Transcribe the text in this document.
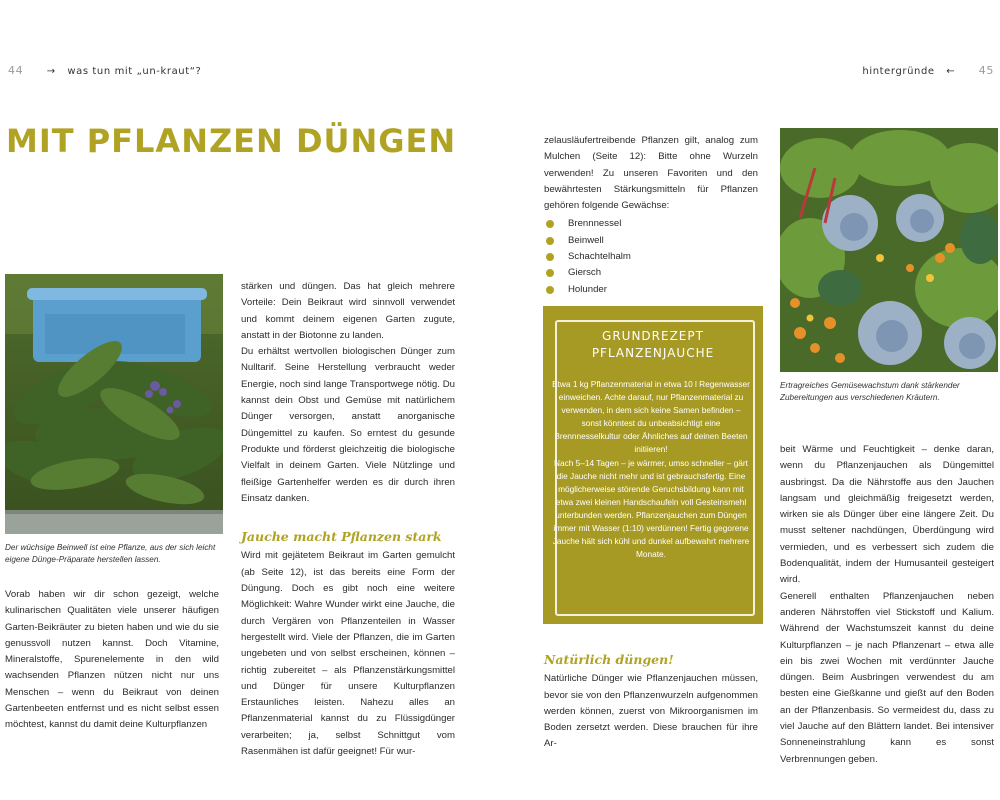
44 → was tun mit „un-kraut“?	hintergründe ← 45
MIT PFLANZEN DÜNGEN
Der wüchsige Beinwell ist eine Pflanze, aus der sich leicht eigene Dünge-Präparate herstellen lassen.

Vorab haben wir dir schon gezeigt, welche kulinarischen Qualitäten viele unserer häufigen Garten-Beikräuter zu bieten haben und wie du sie genussvoll nutzen kannst. Doch Vitamine, Mineralstoffe, Spurenelemente in den wild wachsenden Pflanzen nützen nicht nur uns Menschen – wenn du Beikraut von deinen Gartenbeeten entfernst und es nicht selbst essen möchtest, kannst du damit deine Kulturpflanzen

stärken und düngen. Das hat gleich mehrere Vorteile: Dein Beikraut wird sinnvoll verwendet und kommt deinem eigenen Garten zugute, anstatt in der Biotonne zu landen.

Du erhältst wertvollen biologischen Dünger zum Nulltarif. Seine Herstellung verbraucht weder Energie, noch sind lange Transportwege nötig. Du kannst dein Obst und Gemüse mit natürlichem Dünger versorgen, anstatt anorganische Düngemittel zu kaufen. So erntest du gesunde Produkte und förderst gleichzeitig die biologische Vielfalt in deinem Garten. Viele Nützlinge und fleißige Gartenhelfer werden es dir durch ihren Einsatz danken.

Jauche macht Pflanzen stark

Wird mit gejätetem Beikraut im Garten gemulcht (ab Seite 12), ist das bereits eine Form der Düngung. Doch es gibt noch eine weitere Möglichkeit: Wahre Wunder wirkt eine Jauche, die durch Vergären von Pflanzenteilen in Wasser hergestellt wird. Viele der Pflanzen, die im Garten ungebeten und von selbst erscheinen, können – richtig zubereitet – als Pflanzenstärkungsmittel und Dünger für unsere Kulturpflanzen Erstaunliches leisten. Nahezu alles an Pflanzenmaterial kannst du zu Flüssigdünger verarbeiten; ja, selbst Schnittgut vom Rasenmähen ist dafür geeignet! Für wur-

zelausläufertreibende Pflanzen gilt, analog zum Mulchen (Seite 12): Bitte ohne Wurzeln verwenden! Zu unseren Favoriten und den bewährtesten Stärkungsmitteln für Pflanzen gehören folgende Gewächse:

Brennnessel
Beinwell
Schachtelhalm
Giersch
Holunder
GRUNDREZEPT
PFLANZENJAUCHE
Etwa 1 kg Pflanzenmaterial in etwa 10 l Regenwasser einweichen. Achte darauf, nur Pflanzenmaterial zu verwenden, in dem sich keine Samen befinden – sonst könntest du unbeabsichtigt eine Brennnesselkultur oder Ähnliches auf deinen Beeten initiieren!
Nach 5–14 Tagen – je wärmer, umso schneller – gärt die Jauche nicht mehr und ist gebrauchsfertig. Eine möglicherweise störende Geruchsbildung kann mit etwa zwei kleinen Handschaufeln voll Gesteinsmehl unterbunden werden. Pflanzenjauchen zum Düngen immer mit Wasser (1:10) verdünnen! Fertig gegorene Jauche hält sich kühl und dunkel aufbewahrt mehrere Monate.

Natürlich düngen!

Natürliche Dünger wie Pflanzenjauchen müssen, bevor sie von den Pflanzenwurzeln aufgenommen werden können, zuerst von Mikroorganismen im Boden zersetzt werden. Diese brauchen für ihre Ar-

Ertragreiches Gemüsewachstum dank stärkender Zubereitungen aus verschiedenen Kräutern.

beit Wärme und Feuchtigkeit – denke daran, wenn du Pflanzenjauchen als Düngemittel ausbringst. Da die Nährstoffe aus den Jauchen langsam und gleichmäßig freigesetzt werden, wirken sie als Dünger über eine längere Zeit. Du musst seltener nachdüngen, Überdüngung wird vermieden, und es verbessert sich zudem die Bodenqualität, indem der Humusanteil gesteigert wird.

Generell enthalten Pflanzenjauchen neben anderen Nährstoffen viel Stickstoff und Kalium. Während der Wachstumszeit kannst du deine Kulturpflanzen – je nach Pflanzenart – etwa alle ein bis zwei Wochen mit verdünnter Jauche düngen. Beim Ausbringen verwendest du am besten eine Gießkanne und gießt auf den Boden an der Pflanzenbasis. So vermeidest du, dass zu viel Jauche auf den Blättern landet. Bei intensiver Sonneneinstrahlung kann es sonst Verbrennungen geben.
